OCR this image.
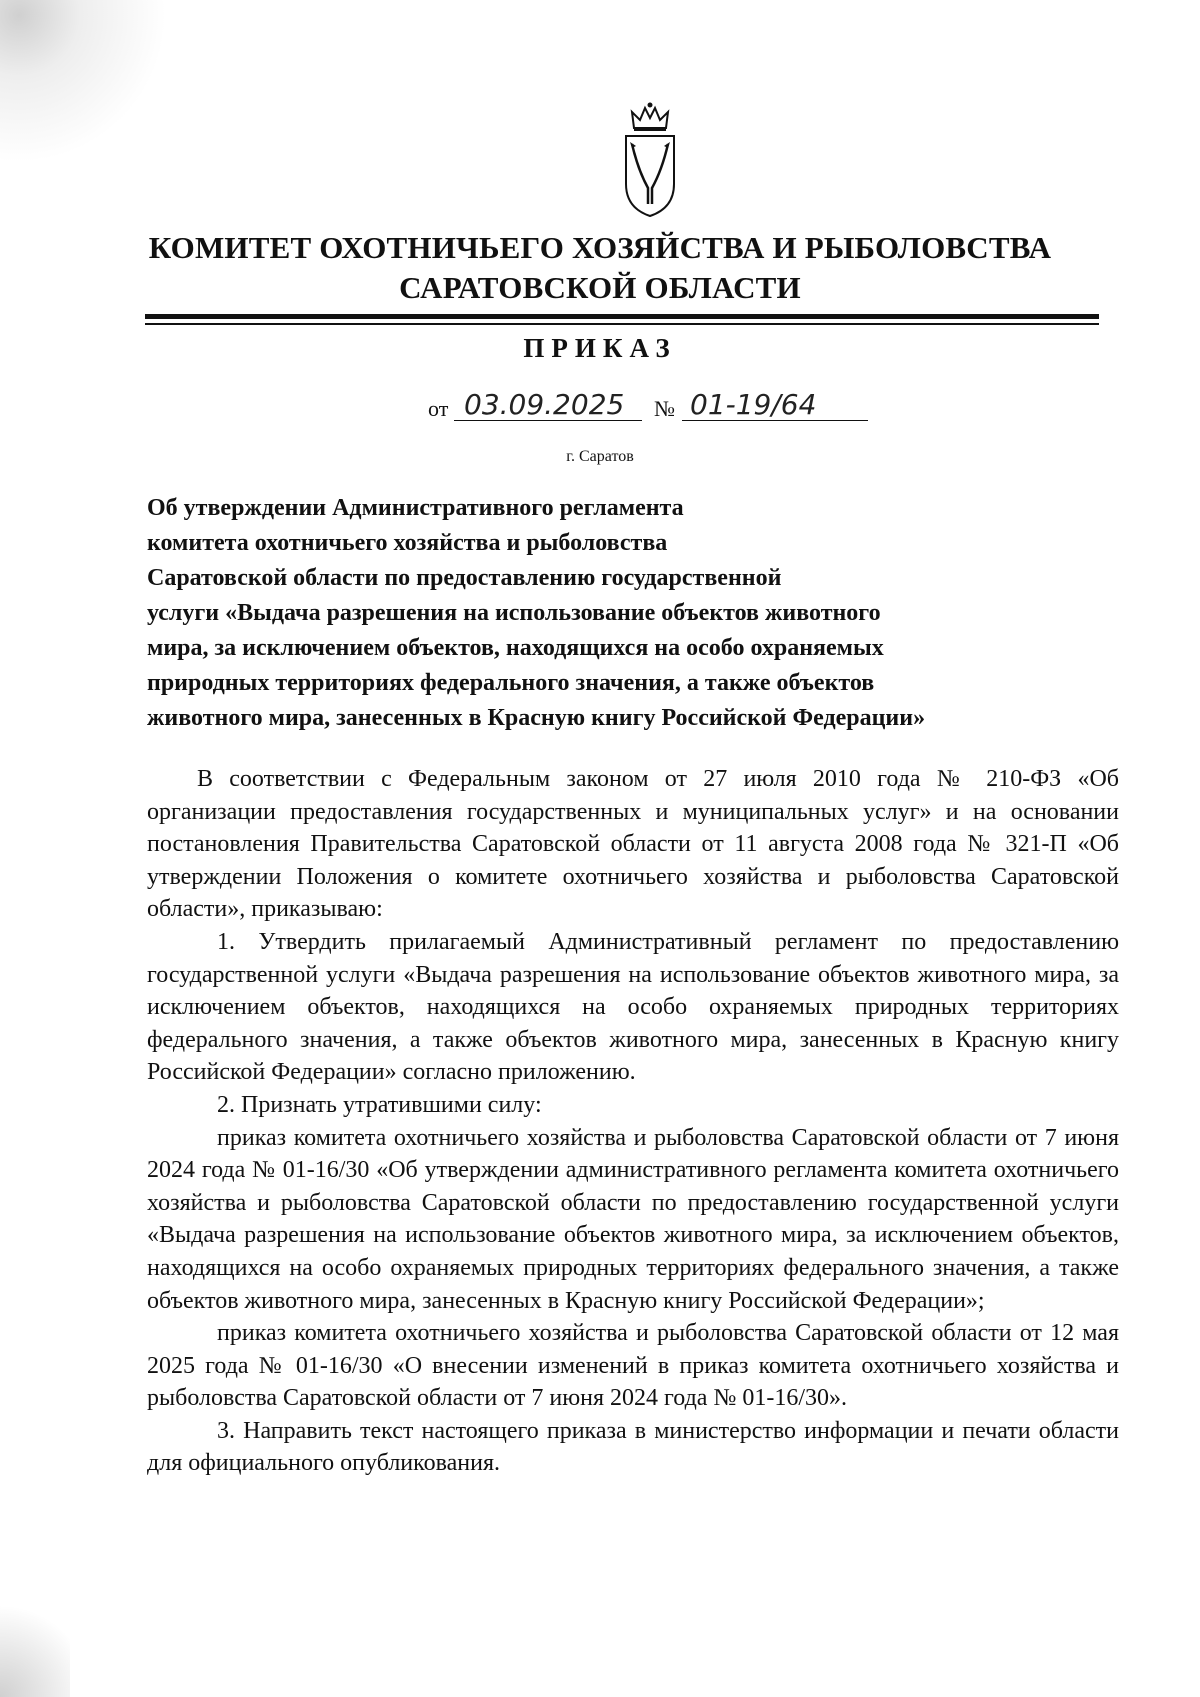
КОМИТЕТ ОХОТНИЧЬЕГО ХОЗЯЙСТВА И РЫБОЛОВСТВА
САРАТОВСКОЙ ОБЛАСТИ
ПРИКАЗ
от 03.09.2025 № 01-19/64
г. Саратов
Об утверждении Административного регламента
комитета охотничьего хозяйства и рыболовства
Саратовской области по предоставлению государственной
услуги «Выдача разрешения на использование объектов животного
мира, за исключением объектов, находящихся на особо охраняемых
природных территориях федерального значения, а также объектов
животного мира, занесенных в Красную книгу Российской Федерации»

В соответствии с Федеральным законом от 27 июля 2010 года № 210-ФЗ «Об организации предоставления государственных и муниципальных услуг» и на основании постановления Правительства Саратовской области от 11 августа 2008 года № 321-П «Об утверждении Положения о комитете охотничьего хозяйства и рыболовства Саратовской области», приказываю:

1. Утвердить прилагаемый Административный регламент по предоставлению государственной услуги «Выдача разрешения на использование объектов животного мира, за исключением объектов, находящихся на особо охраняемых природных территориях федерального значения, а также объектов животного мира, занесенных в Красную книгу Российской Федерации» согласно приложению.

2. Признать утратившими силу:

приказ комитета охотничьего хозяйства и рыболовства Саратовской области от 7 июня 2024 года № 01-16/30 «Об утверждении административного регламента комитета охотничьего хозяйства и рыболовства Саратовской области по предоставлению государственной услуги «Выдача разрешения на использование объектов животного мира, за исключением объектов, находящихся на особо охраняемых природных территориях федерального значения, а также объектов животного мира, занесенных в Красную книгу Российской Федерации»;

приказ комитета охотничьего хозяйства и рыболовства Саратовской области от 12 мая 2025 года № 01-16/30 «О внесении изменений в приказ комитета охотничьего хозяйства и рыболовства Саратовской области от 7 июня 2024 года № 01-16/30».

3. Направить текст настоящего приказа в министерство информации и печати области для официального опубликования.
